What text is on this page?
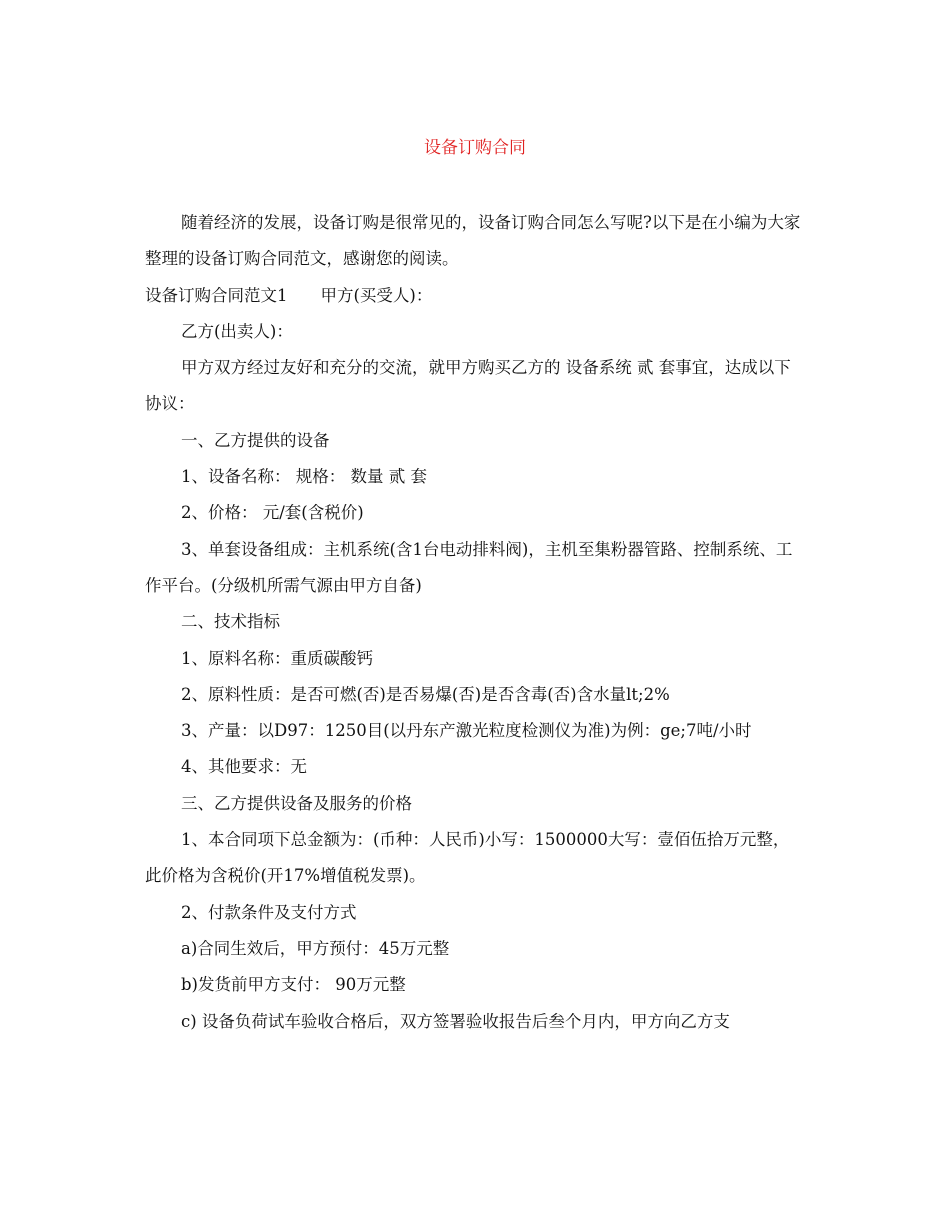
设备订购合同

随着经济的发展，设备订购是很常见的，设备订购合同怎么写呢?以下是在小编为大家整理的设备订购合同范文，感谢您的阅读。

设备订购合同范文1　　甲方(买受人)：

乙方(出卖人)：

甲方双方经过友好和充分的交流，就甲方购买乙方的 设备系统 贰 套事宜，达成以下协议：

一、乙方提供的设备

1、设备名称： 规格： 数量 贰 套

2、价格： 元/套(含税价)

3、单套设备组成：主机系统(含1台电动排料阀)，主机至集粉器管路、控制系统、工作平台。(分级机所需气源由甲方自备)

二、技术指标

1、原料名称：重质碳酸钙

2、原料性质：是否可燃(否)是否易爆(否)是否含毒(否)含水量lt;2%

3、产量：以D97：1250目(以丹东产激光粒度检测仪为准)为例：ge;7吨/小时

4、其他要求：无

三、乙方提供设备及服务的价格

1、本合同项下总金额为：(币种：人民币)小写：1500000大写：壹佰伍拾万元整，此价格为含税价(开17%增值税发票)。

2、付款条件及支付方式

a)合同生效后，甲方预付：45万元整

b)发货前甲方支付： 90万元整

c) 设备负荷试车验收合格后，双方签署验收报告后叁个月内，甲方向乙方支
